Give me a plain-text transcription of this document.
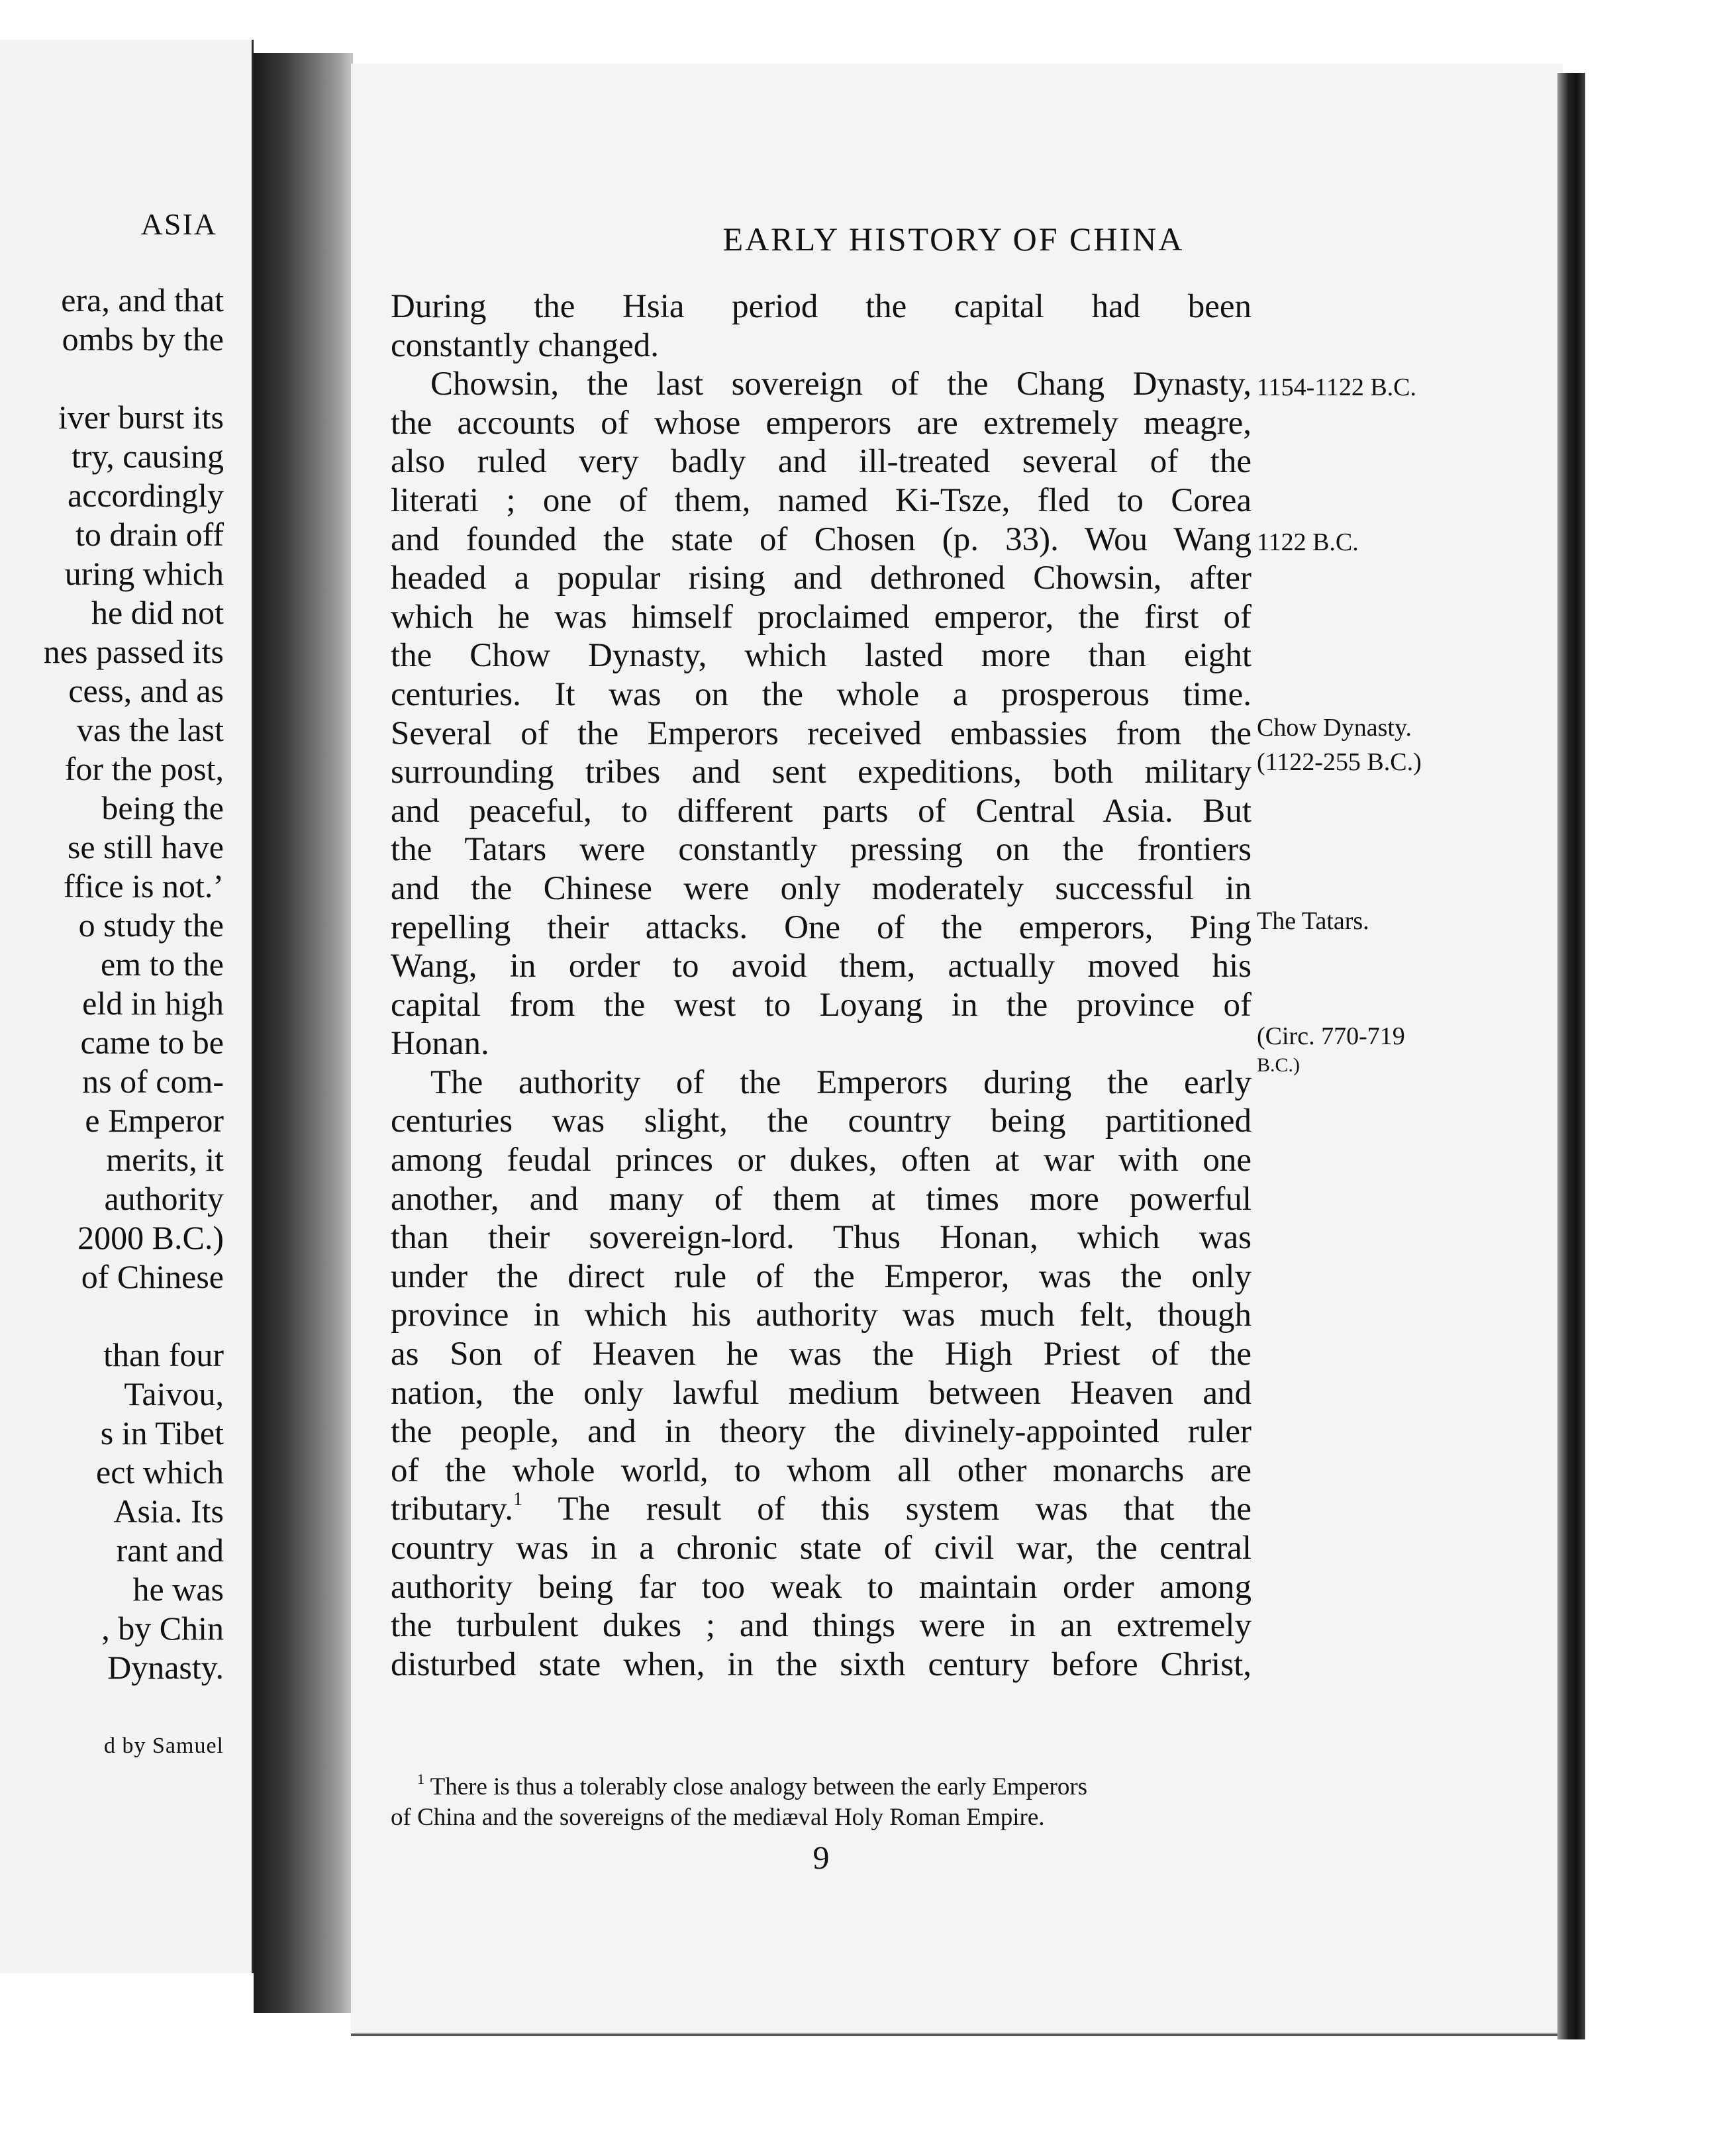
ASIA
era, and that
ombs by the
iver burst its
try, causing
accordingly
to drain off
uring which
he did not
nes passed its
cess, and as
vas the last
for the post,
being the
se still have
ffice is not.’
o study the
em to the
eld in high
came to be
ns of com-
e Emperor
merits, it
authority
2000 B.C.)
of Chinese
than four
Taivou,
s in Tibet
ect which
Asia. Its
rant and
he was
, by Chin
Dynasty.
d by Samuel
EARLY HISTORY OF CHINA
During the Hsia period the capital had been
constantly changed.
Chowsin, the last sovereign of the Chang Dynasty,
the accounts of whose emperors are extremely meagre,
also ruled very badly and ill-treated several of the
literati ; one of them, named Ki-Tsze, fled to Corea
and founded the state of Chosen (p. 33). Wou Wang
headed a popular rising and dethroned Chowsin, after
which he was himself proclaimed emperor, the first of
the Chow Dynasty, which lasted more than eight
centuries. It was on the whole a prosperous time.
Several of the Emperors received embassies from the
surrounding tribes and sent expeditions, both military
and peaceful, to different parts of Central Asia. But
the Tatars were constantly pressing on the frontiers
and the Chinese were only moderately successful in
repelling their attacks. One of the emperors, Ping
Wang, in order to avoid them, actually moved his
capital from the west to Loyang in the province of
Honan.
The authority of the Emperors during the early
centuries was slight, the country being partitioned
among feudal princes or dukes, often at war with one
another, and many of them at times more powerful
than their sovereign-lord. Thus Honan, which was
under the direct rule of the Emperor, was the only
province in which his authority was much felt, though
as Son of Heaven he was the High Priest of the
nation, the only lawful medium between Heaven and
the people, and in theory the divinely-appointed ruler
of the whole world, to whom all other monarchs are
tributary.$^1$ The result of this system was that the
country was in a chronic state of civil war, the central
authority being far too weak to maintain order among
the turbulent dukes ; and things were in an extremely
disturbed state when, in the sixth century before Christ,
1154-1122 B.C.
1122 B.C.
Chow Dynasty.
(1122-255 B.C.)
The Tatars.
(Circ. 770-719
B.C.)
$^1$ There is thus a tolerably close analogy between the early Emperors
of China and the sovereigns of the mediæval Holy Roman Empire.
9
